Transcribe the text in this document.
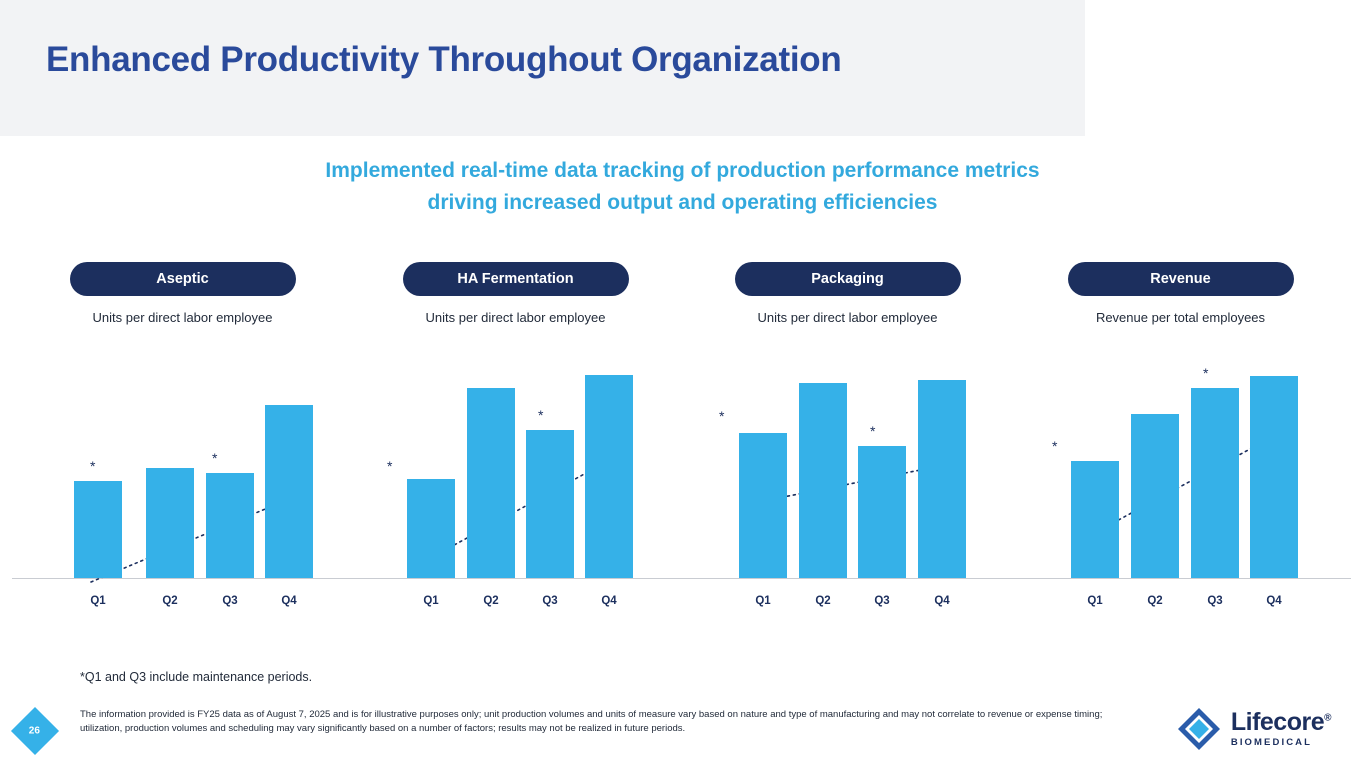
Enhanced Productivity Throughout Organization
Implemented real-time data tracking of production performance metrics
driving increased output and operating efficiencies
Aseptic
Units per direct labor employee
Q1
*
Q2	Q3
*
Q4
HA Fermentation
Units per direct labor employee
Q1
*
Q2	Q3
*
Q4
Packaging
Units per direct labor employee
Q1
*
Q2	Q3
*
Q4
Revenue
Revenue per total employees
Q1
*
Q2	Q3
*
Q4
*Q1 and Q3 include maintenance periods.
The information provided is FY25 data as of August 7, 2025 and is for illustrative purposes only; unit production volumes and units of measure vary based on nature and type of manufacturing and may not correlate to revenue or expense timing; utilization, production volumes and scheduling may vary significantly based on a number of factors; results may not be realized in future periods.
26	Lifecore®
BIOMEDICAL
